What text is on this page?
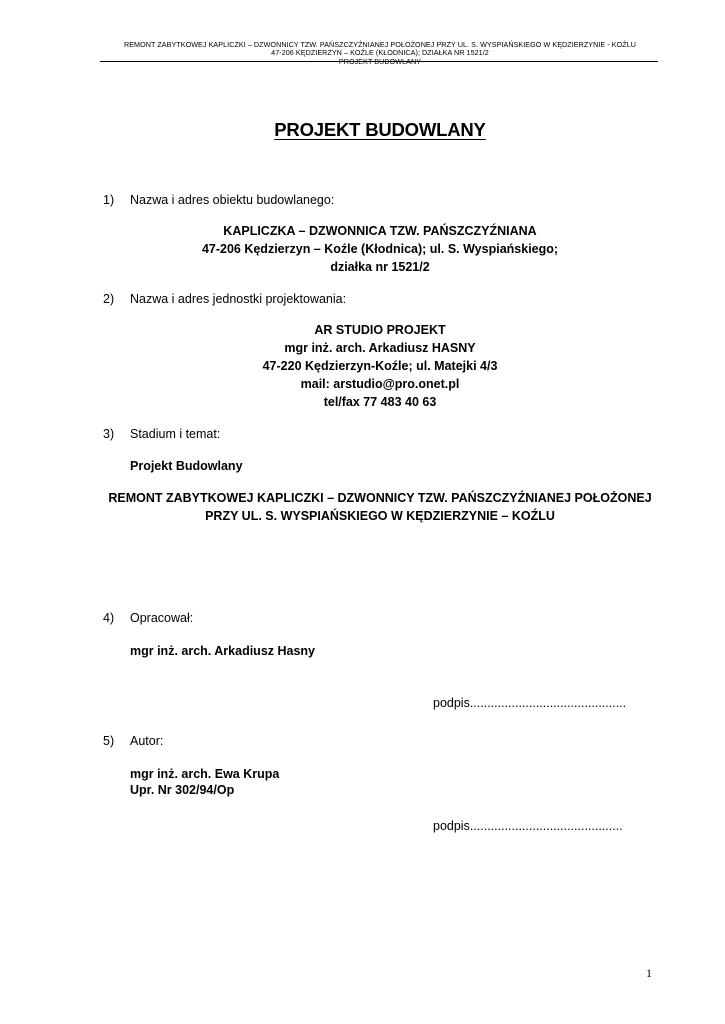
REMONT ZABYTKOWEJ KAPLICZKI – DZWONNICY TZW. PAŃSZCZYŹNIANEJ POŁOŻONEJ PRZY UL. S. WYSPIAŃSKIEGO W KĘDZIERZYNIE - KOŹLU
47-206 KĘDZIERZYN – KOŹLE (KŁODNICA); DZIAŁKA NR 1521/2
PROJEKT BUDOWLANY
PROJEKT BUDOWLANY
1) Nazwa i adres obiektu budowlanego:
KAPLICZKA – DZWONNICA TZW. PAŃSZCZYŹNIANA
47-206 Kędzierzyn – Koźle (Kłodnica); ul. S. Wyspiańskiego;
działka nr 1521/2
2) Nazwa i adres jednostki projektowania:
AR STUDIO PROJEKT
mgr inż. arch. Arkadiusz HASNY
47-220 Kędzierzyn-Koźle; ul. Matejki 4/3
mail: arstudio@pro.onet.pl
tel/fax 77 483 40 63
3) Stadium i temat:
Projekt Budowlany
REMONT ZABYTKOWEJ KAPLICZKI – DZWONNICY TZW. PAŃSZCZYŹNIANEJ POŁOŻONEJ
PRZY UL. S. WYSPIAŃSKIEGO W KĘDZIERZYNIE – KOŹLU
4) Opracował:
mgr inż. arch. Arkadiusz Hasny
podpis.............................................
5) Autor:
mgr inż. arch. Ewa Krupa
Upr. Nr 302/94/Op
podpis............................................
1
